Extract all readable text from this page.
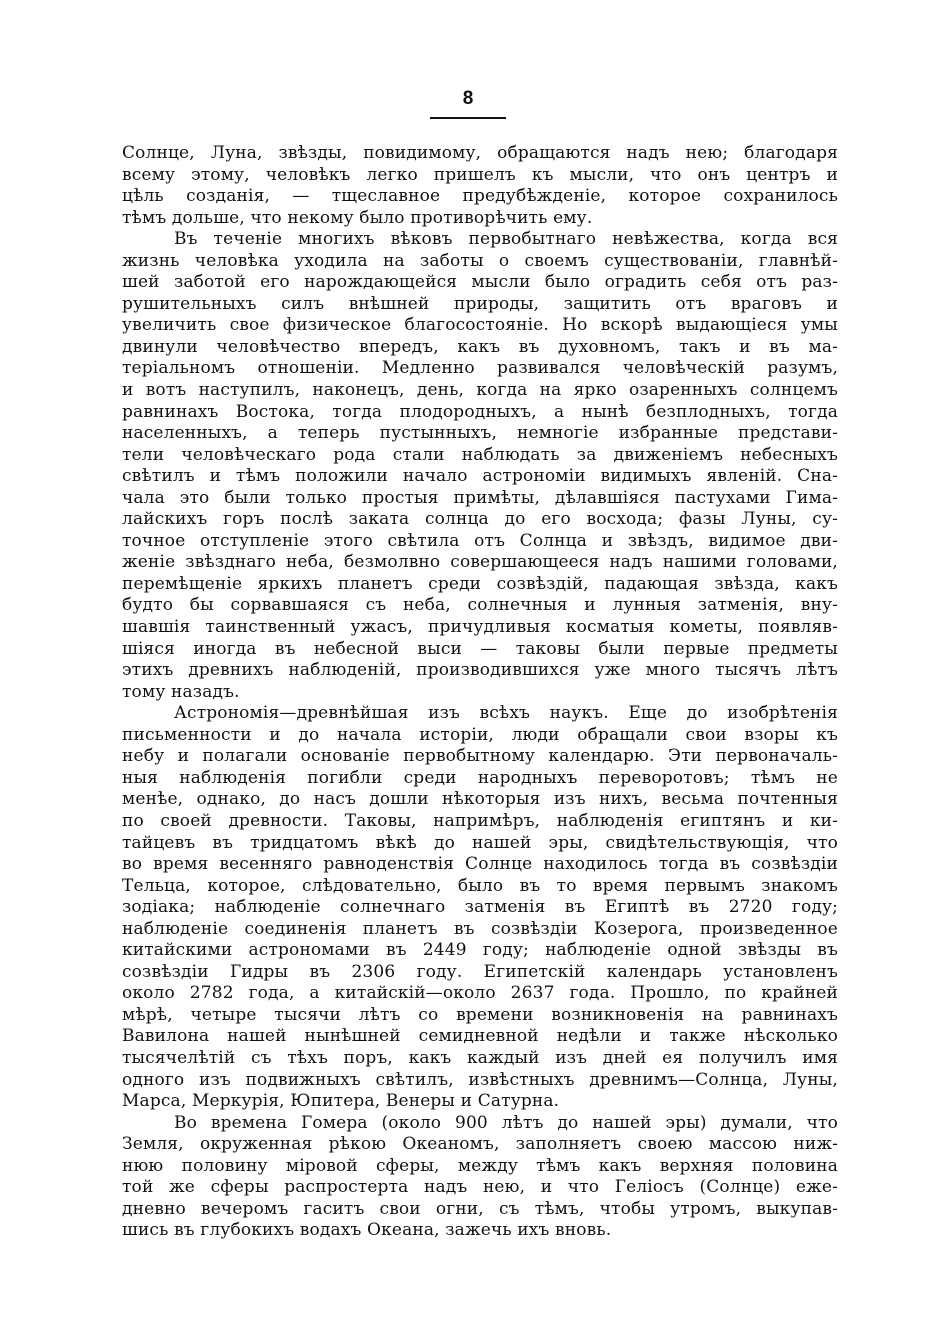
8
Солнце, Луна, звѣзды, повидимому, обращаются надъ нею; благодаря
всему этому, человѣкъ легко пришелъ къ мысли, что онъ центръ и
цѣль созданія, — тщеславное предубѣжденіе, которое сохранилось
тѣмъ дольше, что некому было противорѣчить ему.
Въ теченіе многихъ вѣковъ первобытнаго невѣжества, когда вся
жизнь человѣка уходила на заботы о своемъ существованіи, главнѣй-
шей заботой его нарождающейся мысли было оградить себя отъ раз-
рушительныхъ силъ внѣшней природы, защитить отъ враговъ и
увеличить свое физическое благосостояніе. Но вскорѣ выдающіеся умы
двинули человѣчество впередъ, какъ въ духовномъ, такъ и въ ма-
теріальномъ отношеніи. Медленно развивался человѣческій разумъ,
и вотъ наступилъ, наконецъ, день, когда на ярко озаренныхъ солнцемъ
равнинахъ Востока, тогда плодородныхъ, а нынѣ безплодныхъ, тогда
населенныхъ, а теперь пустынныхъ, немногіе избранные представи-
тели человѣческаго рода стали наблюдать за движеніемъ небесныхъ
свѣтилъ и тѣмъ положили начало астрономіи видимыхъ явленій. Сна-
чала это были только простыя примѣты, дѣлавшіяся пастухами Гима-
лайскихъ горъ послѣ заката солнца до его восхода; фазы Луны, су-
точное отступленіе этого свѣтила отъ Солнца и звѣздъ, видимое дви-
женіе звѣзднаго неба, безмолвно совершающееся надъ нашими головами,
перемѣщеніе яркихъ планетъ среди созвѣздій, падающая звѣзда, какъ
будто бы сорвавшаяся съ неба, солнечныя и лунныя затменія, вну-
шавшія таинственный ужасъ, причудливыя косматыя кометы, появляв-
шіяся иногда въ небесной выси — таковы были первые предметы
этихъ древнихъ наблюденій, производившихся уже много тысячъ лѣтъ
тому назадъ.
Астрономія—древнѣйшая изъ всѣхъ наукъ. Еще до изобрѣтенія
письменности и до начала исторіи, люди обращали свои взоры къ
небу и полагали основаніе первобытному календарю. Эти первоначаль-
ныя наблюденія погибли среди народныхъ переворотовъ; тѣмъ не
менѣе, однако, до насъ дошли нѣкоторыя изъ нихъ, весьма почтенныя
по своей древности. Таковы, напримѣръ, наблюденія египтянъ и ки-
тайцевъ въ тридцатомъ вѣкѣ до нашей эры, свидѣтельствующія, что
во время весенняго равноденствія Солнце находилось тогда въ созвѣздіи
Тельца, которое, слѣдовательно, было въ то время первымъ знакомъ
зодіака; наблюденіе солнечнаго затменія въ Египтѣ въ 2720 году;
наблюденіе соединенія планетъ въ созвѣздіи Козерога, произведенное
китайскими астрономами въ 2449 году; наблюденіе одной звѣзды въ
созвѣздіи Гидры въ 2306 году. Египетскій календарь установленъ
около 2782 года, а китайскій—около 2637 года. Прошло, по крайней
мѣрѣ, четыре тысячи лѣтъ со времени возникновенія на равнинахъ
Вавилона нашей нынѣшней семидневной недѣли и также нѣсколько
тысячелѣтій съ тѣхъ поръ, какъ каждый изъ дней ея получилъ имя
одного изъ подвижныхъ свѣтилъ, извѣстныхъ древнимъ—Солнца, Луны,
Марса, Меркурія, Юпитера, Венеры и Сатурна.
Во времена Гомера (около 900 лѣтъ до нашей эры) думали, что
Земля, окруженная рѣкою Океаномъ, заполняетъ своею массою ниж-
нюю половину міровой сферы, между тѣмъ какъ верхняя половина
той же сферы распростерта надъ нею, и что Геліосъ (Солнце) еже-
дневно вечеромъ гаситъ свои огни, съ тѣмъ, чтобы утромъ, выкупав-
шись въ глубокихъ водахъ Океана, зажечь ихъ вновь.
